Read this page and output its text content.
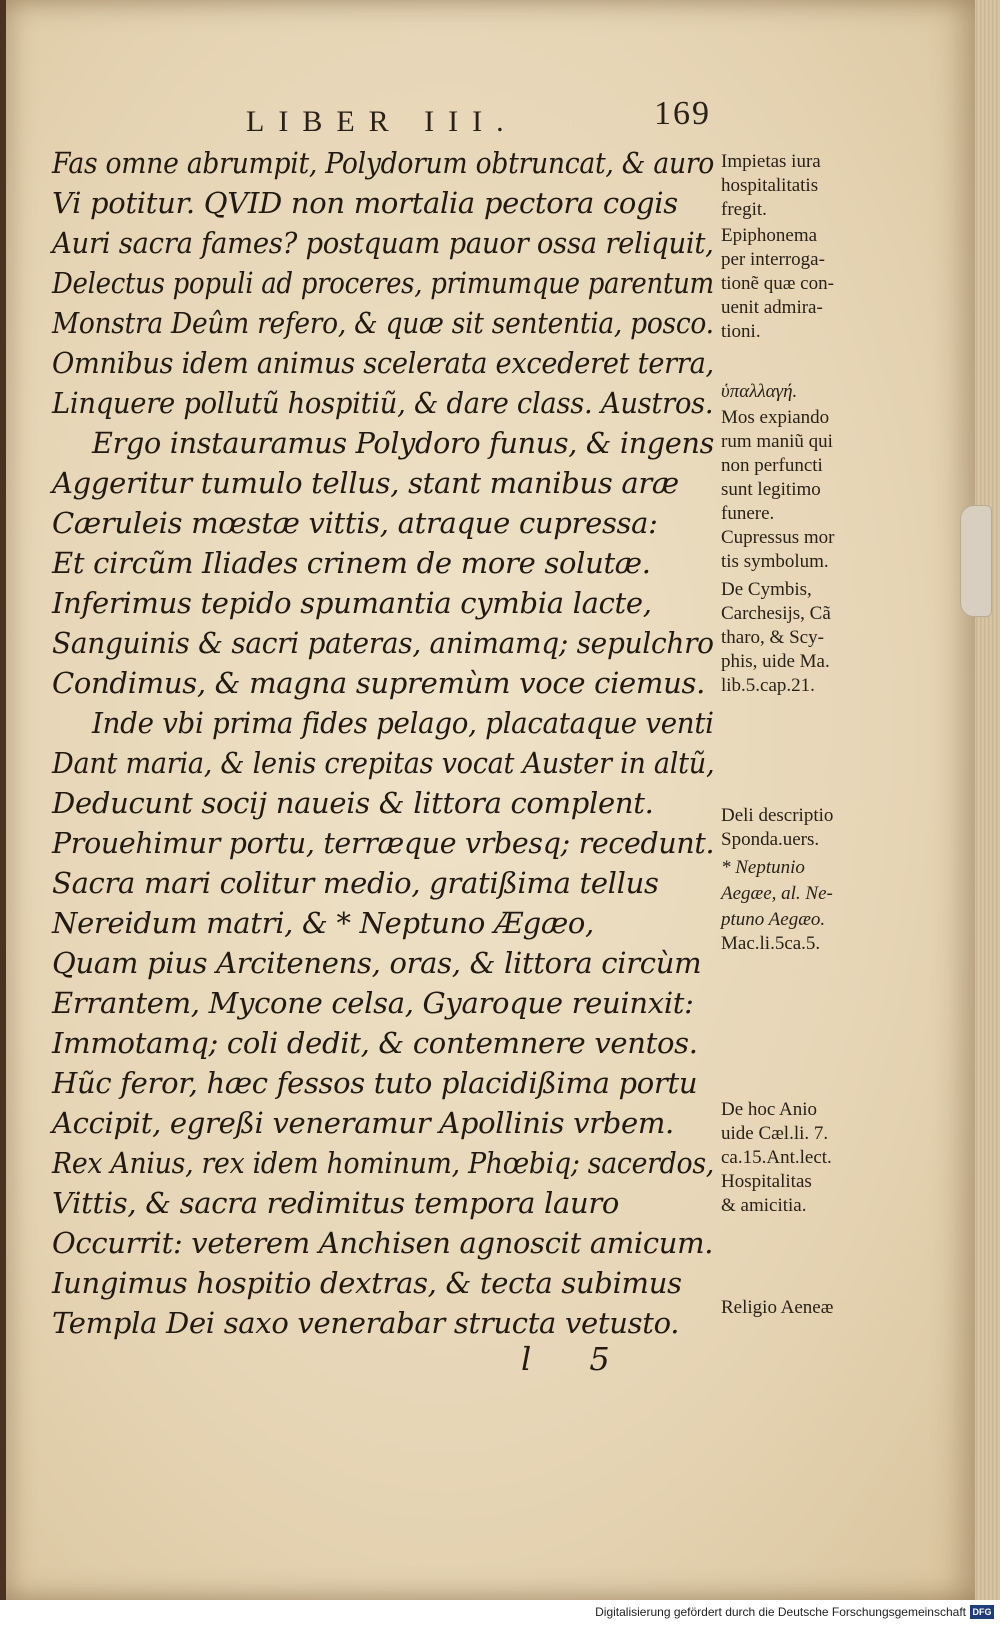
LIBER III.	169
Fas omne abrumpit, Polydorum obtruncat, & auro
Vi potitur. QVID non mortalia pectora cogis
Auri sacra fames? postquam pauor ossa reliquit,
Delectus populi ad proceres, primumque parentum
Monstra Deûm refero, & quæ sit sententia, posco.
Omnibus idem animus scelerata excederet terra,
Linquere pollutũ hospitiũ, & dare class. Austros.
Ergo instauramus Polydoro funus, & ingens
Aggeritur tumulo tellus, stant manibus aræ
Cæruleis mœstæ vittis, atraque cupressa:
Et circũm Iliades crinem de more solutæ.
Inferimus tepido spumantia cymbia lacte,
Sanguinis & sacri pateras, animamq; sepulchro
Condimus, & magna supremùm voce ciemus.
Inde vbi prima fides pelago, placataque venti
Dant maria, & lenis crepitas vocat Auster in altũ,
Deducunt socij naueis & littora complent.
Prouehimur portu, terræque vrbesq; recedunt.
Sacra mari colitur medio, gratißima tellus
Nereidum matri, & * Neptuno Ægæo,
Quam pius Arcitenens, oras, & littora circùm
Errantem, Mycone celsa, Gyaroque reuinxit:
Immotamq; coli dedit, & contemnere ventos.
Hũc feror, hæc fessos tuto placidißima portu
Accipit, egreßi veneramur Apollinis vrbem.
Rex Anius, rex idem hominum, Phœbiq; sacerdos,
Vittis, & sacra redimitus tempora lauro
Occurrit: veterem Anchisen agnoscit amicum.
Iungimus hospitio dextras, & tecta subimus
Templa Dei saxo venerabar structa vetusto.
Impietas iura
hospitalitatis
fregit.
Epiphonema
per interroga-
tionẽ quæ con-
uenit admira-
tioni.
ὑπαλλαγή.
Mos expiando
rum maniũ qui
non perfuncti
sunt legitimo
funere.
Cupressus mor
tis symbolum.
De Cymbis,
Carchesijs, Cã
tharo, & Scy-
phis, uide Ma.
lib.5.cap.21.
Deli descriptio
Sponda.uers.
* Neptunio
Aegæe, al. Ne-
ptuno Aegæo.
Mac.li.5ca.5.
De hoc Anio
uide Cæl.li. 7.
ca.15.Ant.lect.
Hospitalitas
& amicitia.
Religio Aeneæ
l 5
Digitalisierung gefördert durch die Deutsche Forschungsgemeinschaft DFG
